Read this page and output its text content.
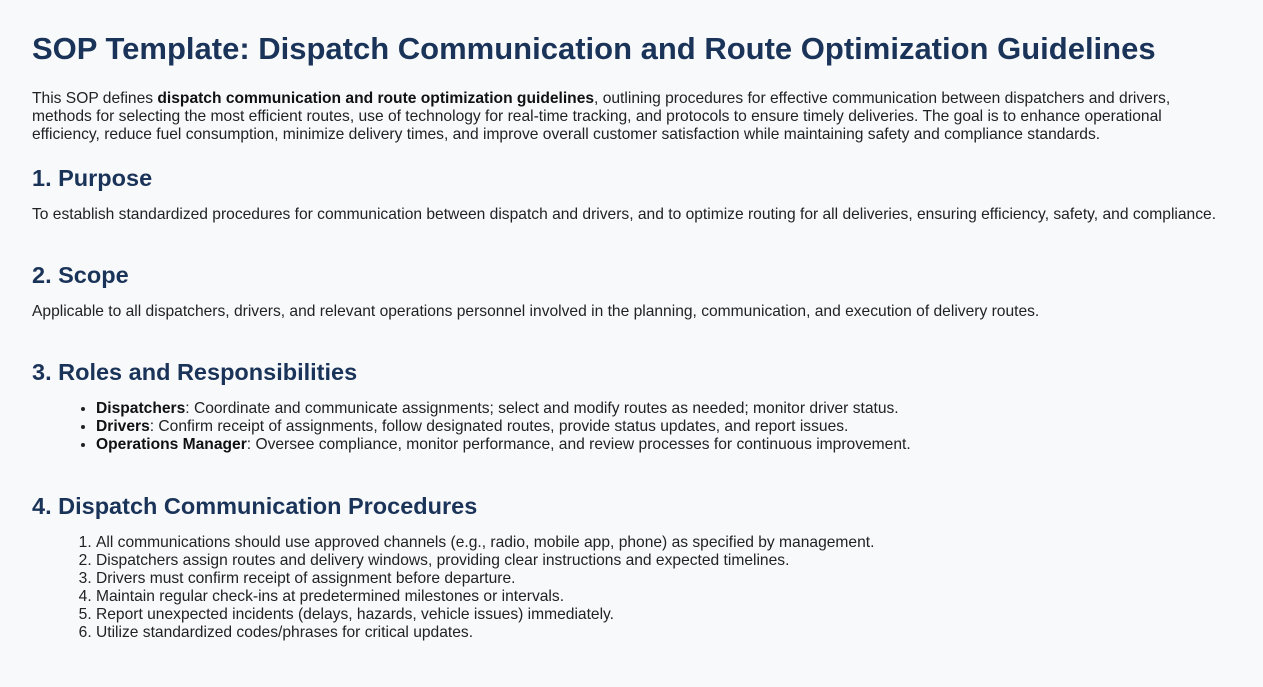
SOP Template: Dispatch Communication and Route Optimization Guidelines

This SOP defines dispatch communication and route optimization guidelines, outlining procedures for effective communication between dispatchers and drivers, methods for selecting the most efficient routes, use of technology for real-time tracking, and protocols to ensure timely deliveries. The goal is to enhance operational efficiency, reduce fuel consumption, minimize delivery times, and improve overall customer satisfaction while maintaining safety and compliance standards.

1. Purpose

To establish standardized procedures for communication between dispatch and drivers, and to optimize routing for all deliveries, ensuring efficiency, safety, and compliance.

2. Scope

Applicable to all dispatchers, drivers, and relevant operations personnel involved in the planning, communication, and execution of delivery routes.

3. Roles and Responsibilities
• Dispatchers: Coordinate and communicate assignments; select and modify routes as needed; monitor driver status.
• Drivers: Confirm receipt of assignments, follow designated routes, provide status updates, and report issues.
• Operations Manager: Oversee compliance, monitor performance, and review processes for continuous improvement.
4. Dispatch Communication Procedures
1. All communications should use approved channels (e.g., radio, mobile app, phone) as specified by management.
2. Dispatchers assign routes and delivery windows, providing clear instructions and expected timelines.
3. Drivers must confirm receipt of assignment before departure.
4. Maintain regular check-ins at predetermined milestones or intervals.
5. Report unexpected incidents (delays, hazards, vehicle issues) immediately.
6. Utilize standardized codes/phrases for critical updates.
